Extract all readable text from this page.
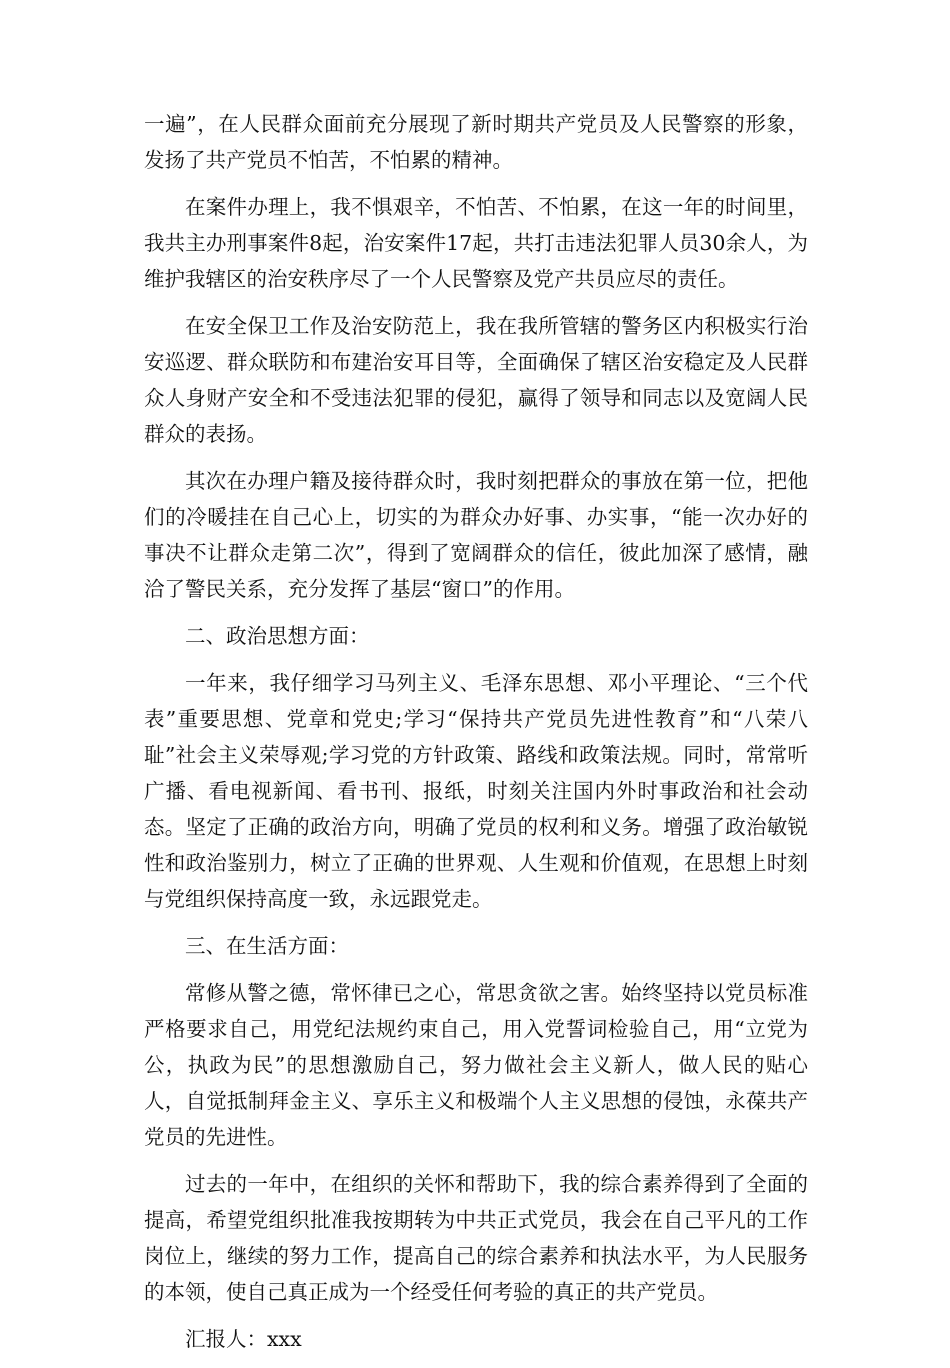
一遍”，在人民群众面前充分展现了新时期共产党员及人民警察的形象，发扬了共产党员不怕苦，不怕累的精神。

在案件办理上，我不惧艰辛，不怕苦、不怕累，在这一年的时间里，我共主办刑事案件8起，治安案件17起，共打击违法犯罪人员30余人，为维护我辖区的治安秩序尽了一个人民警察及党产共员应尽的责任。

在安全保卫工作及治安防范上，我在我所管辖的警务区内积极实行治安巡逻、群众联防和布建治安耳目等，全面确保了辖区治安稳定及人民群众人身财产安全和不受违法犯罪的侵犯，赢得了领导和同志以及宽阔人民群众的表扬。

其次在办理户籍及接待群众时，我时刻把群众的事放在第一位，把他们的冷暖挂在自己心上，切实的为群众办好事、办实事，“能一次办好的事决不让群众走第二次”，得到了宽阔群众的信任，彼此加深了感情，融洽了警民关系，充分发挥了基层“窗口”的作用。

二、政治思想方面：

一年来，我仔细学习马列主义、毛泽东思想、邓小平理论、“三个代表”重要思想、党章和党史;学习“保持共产党员先进性教育”和“八荣八耻”社会主义荣辱观;学习党的方针政策、路线和政策法规。同时，常常听广播、看电视新闻、看书刊、报纸，时刻关注国内外时事政治和社会动态。坚定了正确的政治方向，明确了党员的权利和义务。增强了政治敏锐性和政治鉴别力，树立了正确的世界观、人生观和价值观，在思想上时刻与党组织保持高度一致，永远跟党走。

三、在生活方面：

常修从警之德，常怀律已之心，常思贪欲之害。始终坚持以党员标准严格要求自己，用党纪法规约束自己，用入党誓词检验自己，用“立党为公，执政为民”的思想激励自己，努力做社会主义新人，做人民的贴心人，自觉抵制拜金主义、享乐主义和极端个人主义思想的侵蚀，永葆共产党员的先进性。

过去的一年中，在组织的关怀和帮助下，我的综合素养得到了全面的提高，希望党组织批准我按期转为中共正式党员，我会在自己平凡的工作岗位上，继续的努力工作，提高自己的综合素养和执法水平，为人民服务的本领，使自己真正成为一个经受任何考验的真正的共产党员。

汇报人：xxx
